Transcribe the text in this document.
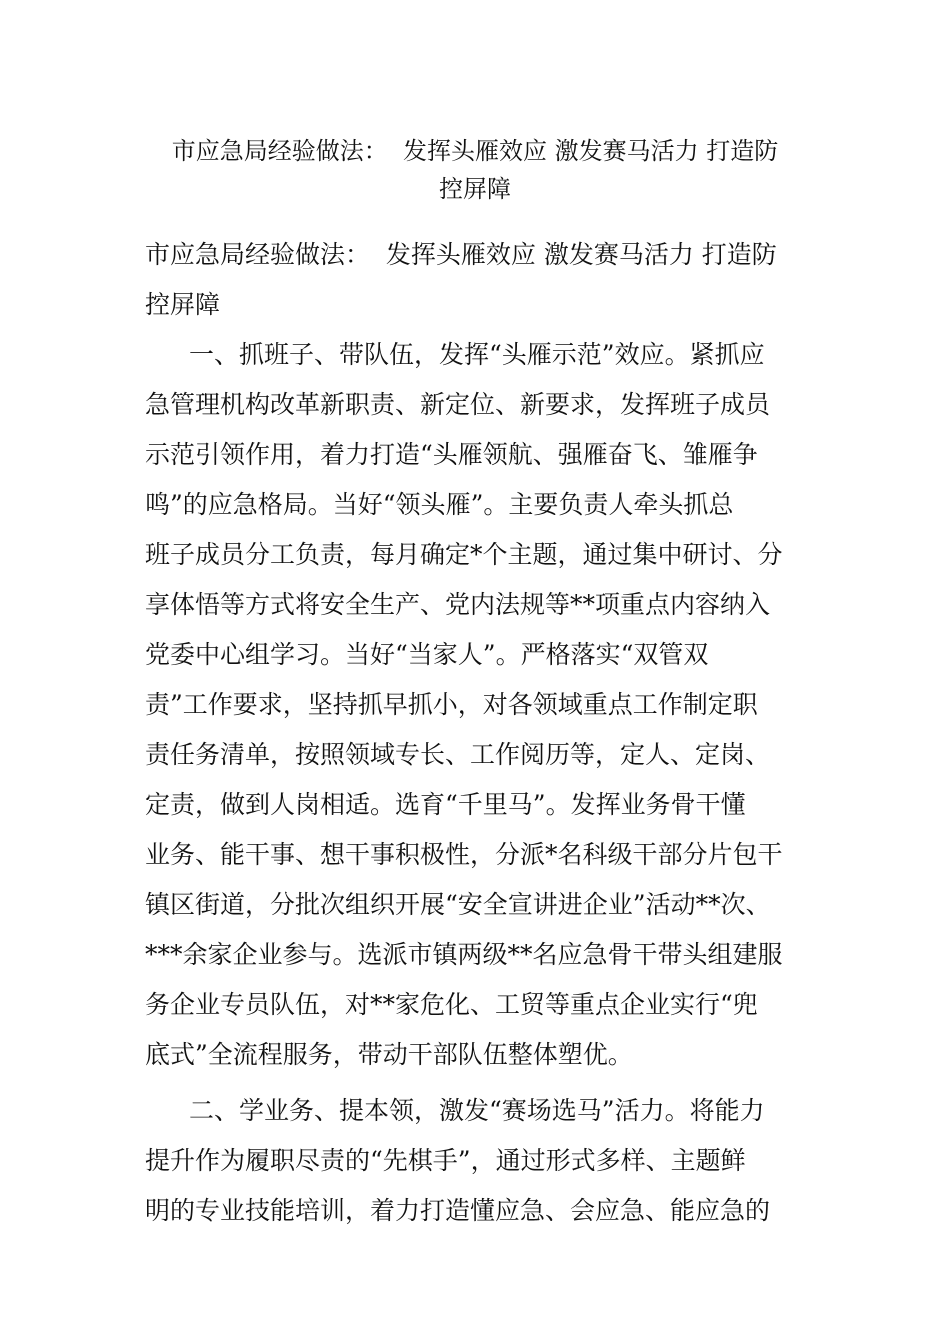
市应急局经验做法：  发挥头雁效应 激发赛马活力 打造防
控屏障
市应急局经验做法：  发挥头雁效应 激发赛马活力 打造防
控屏障
一、抓班子、带队伍，发挥“头雁示范”效应。紧抓应
急管理机构改革新职责、新定位、新要求，发挥班子成员
示范引领作用，着力打造“头雁领航、强雁奋飞、雏雁争
鸣”的应急格局。当好“领头雁”。主要负责人牵头抓总
班子成员分工负责，每月确定*个主题，通过集中研讨、分
享体悟等方式将安全生产、党内法规等**项重点内容纳入
党委中心组学习。当好“当家人”。严格落实“双管双
责”工作要求，坚持抓早抓小，对各领域重点工作制定职
责任务清单，按照领域专长、工作阅历等，定人、定岗、
定责，做到人岗相适。选育“千里马”。发挥业务骨干懂
业务、能干事、想干事积极性，分派*名科级干部分片包干
镇区街道，分批次组织开展“安全宣讲进企业”活动**次、
***余家企业参与。选派市镇两级**名应急骨干带头组建服
务企业专员队伍，对**家危化、工贸等重点企业实行“兜
底式”全流程服务，带动干部队伍整体塑优。
二、学业务、提本领，激发“赛场选马”活力。将能力
提升作为履职尽责的“先棋手”，通过形式多样、主题鲜
明的专业技能培训，着力打造懂应急、会应急、能应急的
